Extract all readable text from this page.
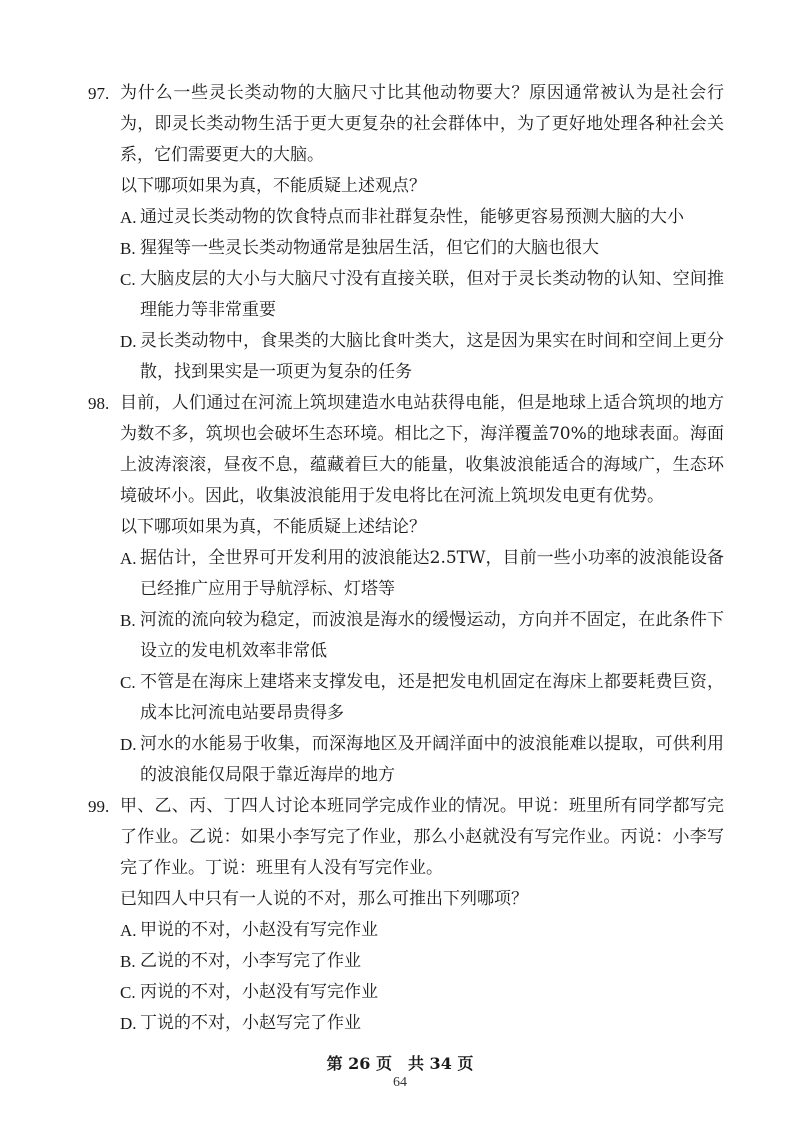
97. 为什么一些灵长类动物的大脑尺寸比其他动物要大？原因通常被认为是社会行为，即灵长类动物生活于更大更复杂的社会群体中，为了更好地处理各种社会关系，它们需要更大的大脑。
以下哪项如果为真，不能质疑上述观点？
A. 通过灵长类动物的饮食特点而非社群复杂性，能够更容易预测大脑的大小
B. 猩猩等一些灵长类动物通常是独居生活，但它们的大脑也很大
C. 大脑皮层的大小与大脑尺寸没有直接关联，但对于灵长类动物的认知、空间推理能力等非常重要
D. 灵长类动物中，食果类的大脑比食叶类大，这是因为果实在时间和空间上更分散，找到果实是一项更为复杂的任务
98. 目前，人们通过在河流上筑坝建造水电站获得电能，但是地球上适合筑坝的地方为数不多，筑坝也会破坏生态环境。相比之下，海洋覆盖70%的地球表面。海面上波涛滚滚，昼夜不息，蕴藏着巨大的能量，收集波浪能适合的海域广，生态环境破坏小。因此，收集波浪能用于发电将比在河流上筑坝发电更有优势。
以下哪项如果为真，不能质疑上述结论？
A. 据估计，全世界可开发利用的波浪能达2.5TW，目前一些小功率的波浪能设备已经推广应用于导航浮标、灯塔等
B. 河流的流向较为稳定，而波浪是海水的缓慢运动，方向并不固定，在此条件下设立的发电机效率非常低
C. 不管是在海床上建塔来支撑发电，还是把发电机固定在海床上都要耗费巨资，成本比河流电站要昂贵得多
D. 河水的水能易于收集，而深海地区及开阔洋面中的波浪能难以提取，可供利用的波浪能仅局限于靠近海岸的地方
99. 甲、乙、丙、丁四人讨论本班同学完成作业的情况。甲说：班里所有同学都写完了作业。乙说：如果小李写完了作业，那么小赵就没有写完作业。丙说：小李写完了作业。丁说：班里有人没有写完作业。
已知四人中只有一人说的不对，那么可推出下列哪项？
A. 甲说的不对，小赵没有写完作业
B. 乙说的不对，小李写完了作业
C. 丙说的不对，小赵没有写完作业
D. 丁说的不对，小赵写完了作业
第 26 页　共 34 页
64
